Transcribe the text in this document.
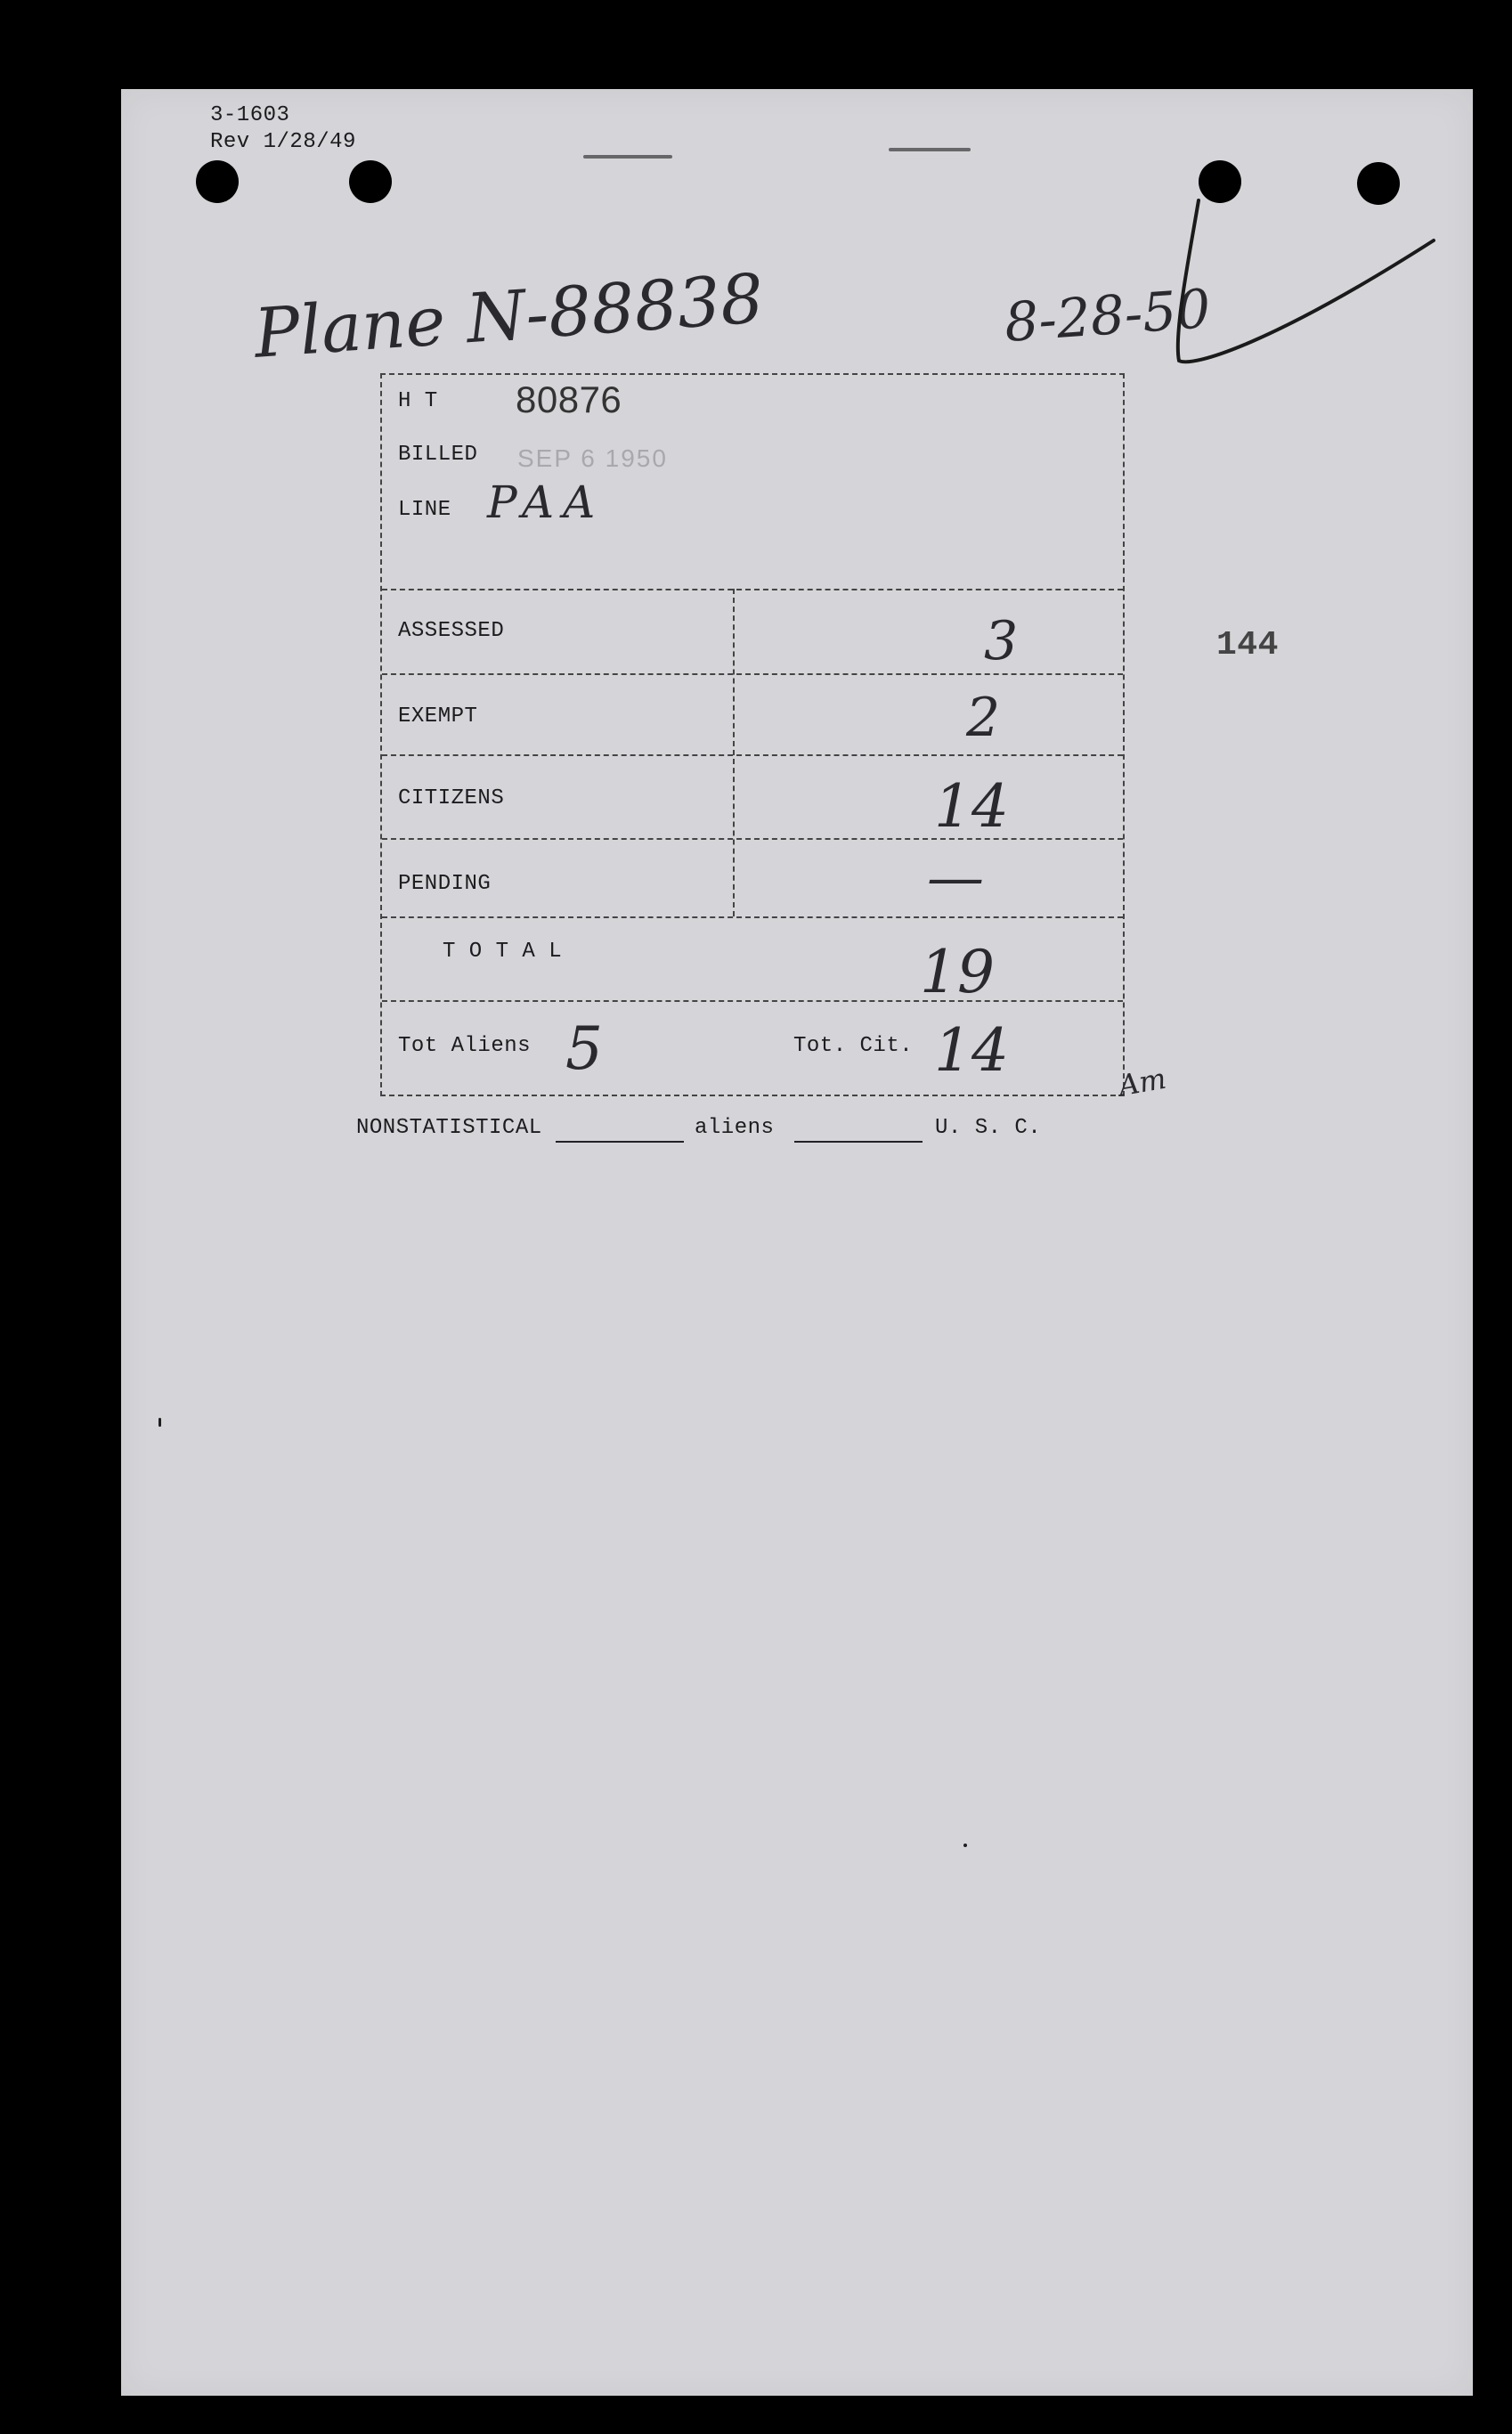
3-1603
Rev 1/28/49
Plane N-88838	8-28-50
H T 80876
BILLED SEP 6 1950
LINE PAA
ASSESSED	3
EXEMPT	2
CITIZENS	14
PENDING	—
T O T A L	19
Tot Aliens 5	Tot. Cit. 14	Am
144
NONSTATISTICAL	aliens	U. S. C.
